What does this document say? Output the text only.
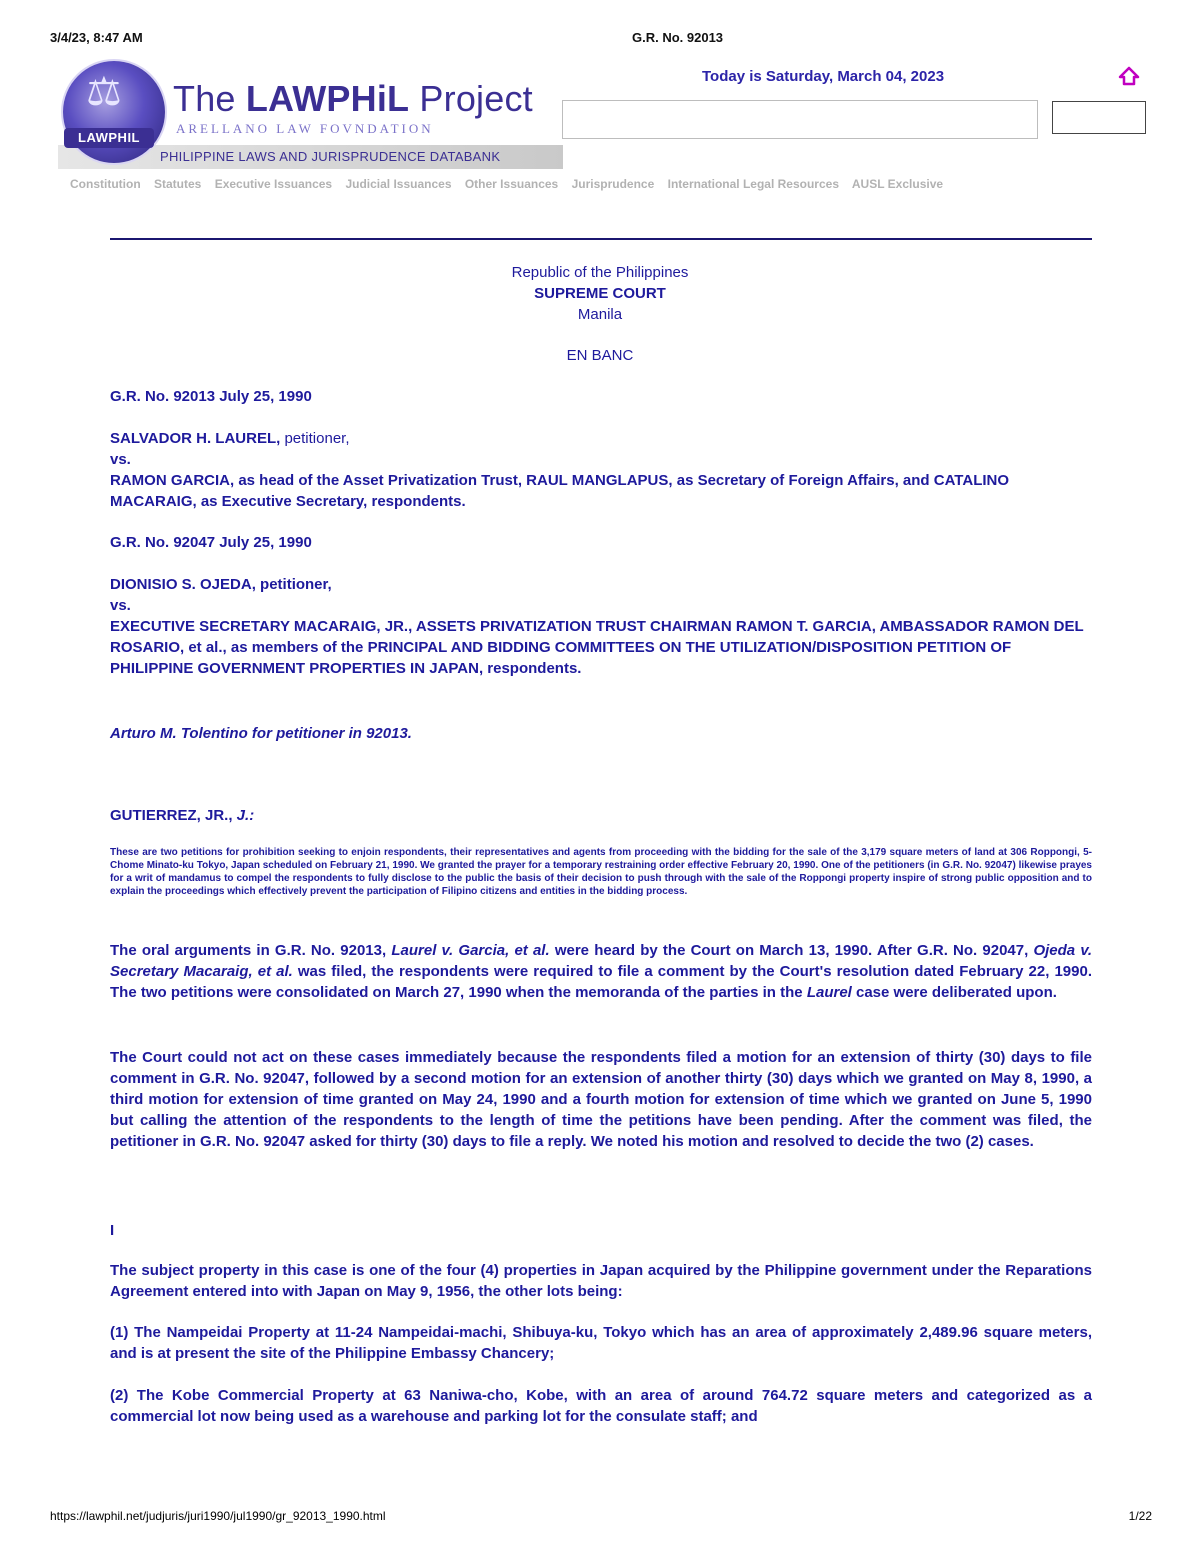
3/4/23, 8:47 AM	G.R. No. 92013
PHILIPPINE LAWS AND JURISPRUDENCE DATABANK
⚖
LAWPHIL
The LAWPHiL Project
ARELLANO LAW FOVNDATION
Today is Saturday, March 04, 2023
Constitution Statutes Executive Issuances Judicial Issuances Other Issuances Jurisprudence International Legal Resources AUSL Exclusive
Republic of the Philippines
SUPREME COURT
Manila
EN BANC
G.R. No. 92013 July 25, 1990
SALVADOR H. LAUREL, petitioner,
vs.
RAMON GARCIA, as head of the Asset Privatization Trust, RAUL MANGLAPUS, as Secretary of Foreign Affairs, and CATALINO MACARAIG, as Executive Secretary, respondents.
G.R. No. 92047 July 25, 1990
DIONISIO S. OJEDA, petitioner,
vs.
EXECUTIVE SECRETARY MACARAIG, JR., ASSETS PRIVATIZATION TRUST CHAIRMAN RAMON T. GARCIA, AMBASSADOR RAMON DEL ROSARIO, et al., as members of the PRINCIPAL AND BIDDING COMMITTEES ON THE UTILIZATION/DISPOSITION PETITION OF PHILIPPINE GOVERNMENT PROPERTIES IN JAPAN, respondents.
Arturo M. Tolentino for petitioner in 92013.
GUTIERREZ, JR., J.:
These are two petitions for prohibition seeking to enjoin respondents, their representatives and agents from proceeding with the bidding for the sale of the 3,179 square meters of land at 306 Roppongi, 5-Chome Minato-ku Tokyo, Japan scheduled on February 21, 1990. We granted the prayer for a temporary restraining order effective February 20, 1990. One of the petitioners (in G.R. No. 92047) likewise prayes for a writ of mandamus to compel the respondents to fully disclose to the public the basis of their decision to push through with the sale of the Roppongi property inspire of strong public opposition and to explain the proceedings which effectively prevent the participation of Filipino citizens and entities in the bidding process.
The oral arguments in G.R. No. 92013, Laurel v. Garcia, et al. were heard by the Court on March 13, 1990. After G.R. No. 92047, Ojeda v. Secretary Macaraig, et al. was filed, the respondents were required to file a comment by the Court's resolution dated February 22, 1990. The two petitions were consolidated on March 27, 1990 when the memoranda of the parties in the Laurel case were deliberated upon.
The Court could not act on these cases immediately because the respondents filed a motion for an extension of thirty (30) days to file comment in G.R. No. 92047, followed by a second motion for an extension of another thirty (30) days which we granted on May 8, 1990, a third motion for extension of time granted on May 24, 1990 and a fourth motion for extension of time which we granted on June 5, 1990 but calling the attention of the respondents to the length of time the petitions have been pending. After the comment was filed, the petitioner in G.R. No. 92047 asked for thirty (30) days to file a reply. We noted his motion and resolved to decide the two (2) cases.
I
The subject property in this case is one of the four (4) properties in Japan acquired by the Philippine government under the Reparations Agreement entered into with Japan on May 9, 1956, the other lots being:
(1) The Nampeidai Property at 11-24 Nampeidai-machi, Shibuya-ku, Tokyo which has an area of approximately 2,489.96 square meters, and is at present the site of the Philippine Embassy Chancery;
(2) The Kobe Commercial Property at 63 Naniwa-cho, Kobe, with an area of around 764.72 square meters and categorized as a commercial lot now being used as a warehouse and parking lot for the consulate staff; and
https://lawphil.net/judjuris/juri1990/jul1990/gr_92013_1990.html	1/22
